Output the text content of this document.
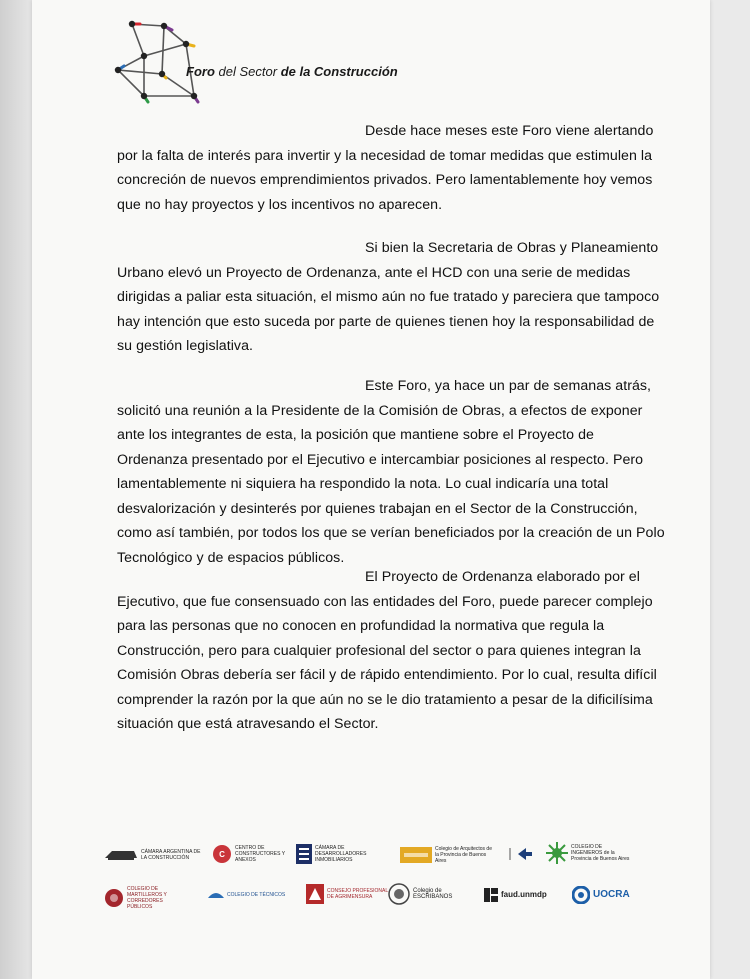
Foro del Sector de la Construcción
Desde hace meses este Foro viene alertando
por la falta de interés para invertir y la necesidad de tomar medidas que estimulen la
concreción de nuevos emprendimientos privados. Pero lamentablemente hoy vemos
que no hay proyectos y los incentivos no aparecen.
Si bien la Secretaria de Obras y Planeamiento
Urbano elevó un Proyecto de Ordenanza, ante el HCD con una serie de medidas
dirigidas a paliar esta situación, el mismo aún no fue tratado y pareciera que tampoco
hay intención que esto suceda por parte de quienes tienen hoy la responsabilidad de
su gestión legislativa.
Este Foro, ya hace un par de semanas atrás,
solicitó una reunión a la Presidente de la Comisión de Obras, a efectos de exponer
ante los integrantes de esta, la posición que mantiene sobre el Proyecto de
Ordenanza presentado por el Ejecutivo e intercambiar posiciones al respecto. Pero
lamentablemente ni siquiera ha respondido la nota. Lo cual indicaría una total
desvalorización y desinterés por quienes trabajan en el Sector de la Construcción,
como así también, por todos los que se verían beneficiados por la creación de un Polo
Tecnológico y de espacios públicos.
El Proyecto de Ordenanza elaborado por el
Ejecutivo, que fue consensuado con las entidades del Foro, puede parecer complejo
para las personas que no conocen en profundidad la normativa que regula la
Construcción, pero para cualquier profesional del sector o para quienes integran la
Comisión Obras debería ser fácil y de rápido entendimiento. Por lo cual, resulta difícil
comprender la razón por la que aún no se le dio tratamiento a pesar de la dificilísima
situación que está atravesando el Sector.
CÁMARA ARGENTINA DE LA CONSTRUCCIÓN	C
CENTRO DE CONSTRUCTORES Y ANEXOS
CÁMARA DE DESARROLLADORES INMOBILIARIOS
Colegio de Arquitectos de la Provincia de Buenos Aires
COLEGIO DE INGENIEROS de la Provincia de Buenos Aires
COLEGIO DE MARTILLEROS Y CORREDORES PÚBLICOS
COLEGIO DE TÉCNICOS
CONSEJO PROFESIONAL DE AGRIMENSURA
Colegio de ESCRIBANOS	faud.unmdp	UOCRA
